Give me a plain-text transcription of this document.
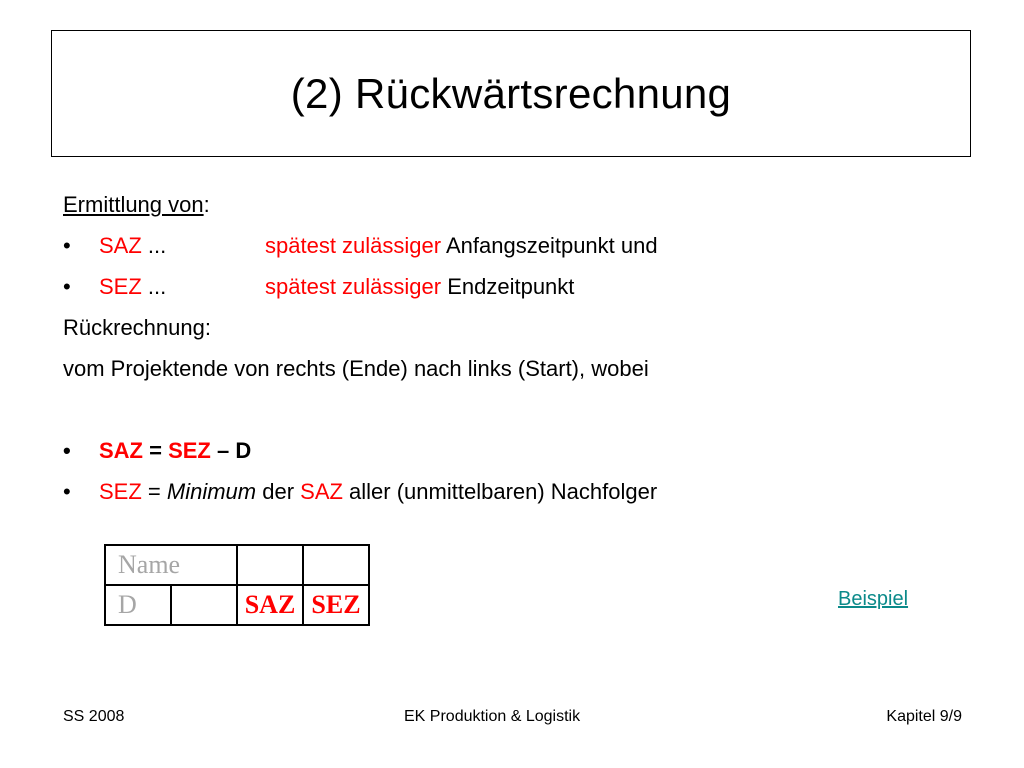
(2) Rückwärtsrechnung
Ermittlung von:
• SAZ ...	spätest zulässiger Anfangszeitpunkt und
• SEZ ...	spätest zulässiger Endzeitpunkt
Rückrechnung:
vom Projektende von rechts (Ende) nach links (Start), wobei
• SAZ = SEZ – D
• SEZ = Minimum der SAZ aller (unmittelbaren) Nachfolger
Name			
D		SAZ	SEZ	Beispiel
SS 2008	EK Produktion & Logistik	Kapitel 9/9
